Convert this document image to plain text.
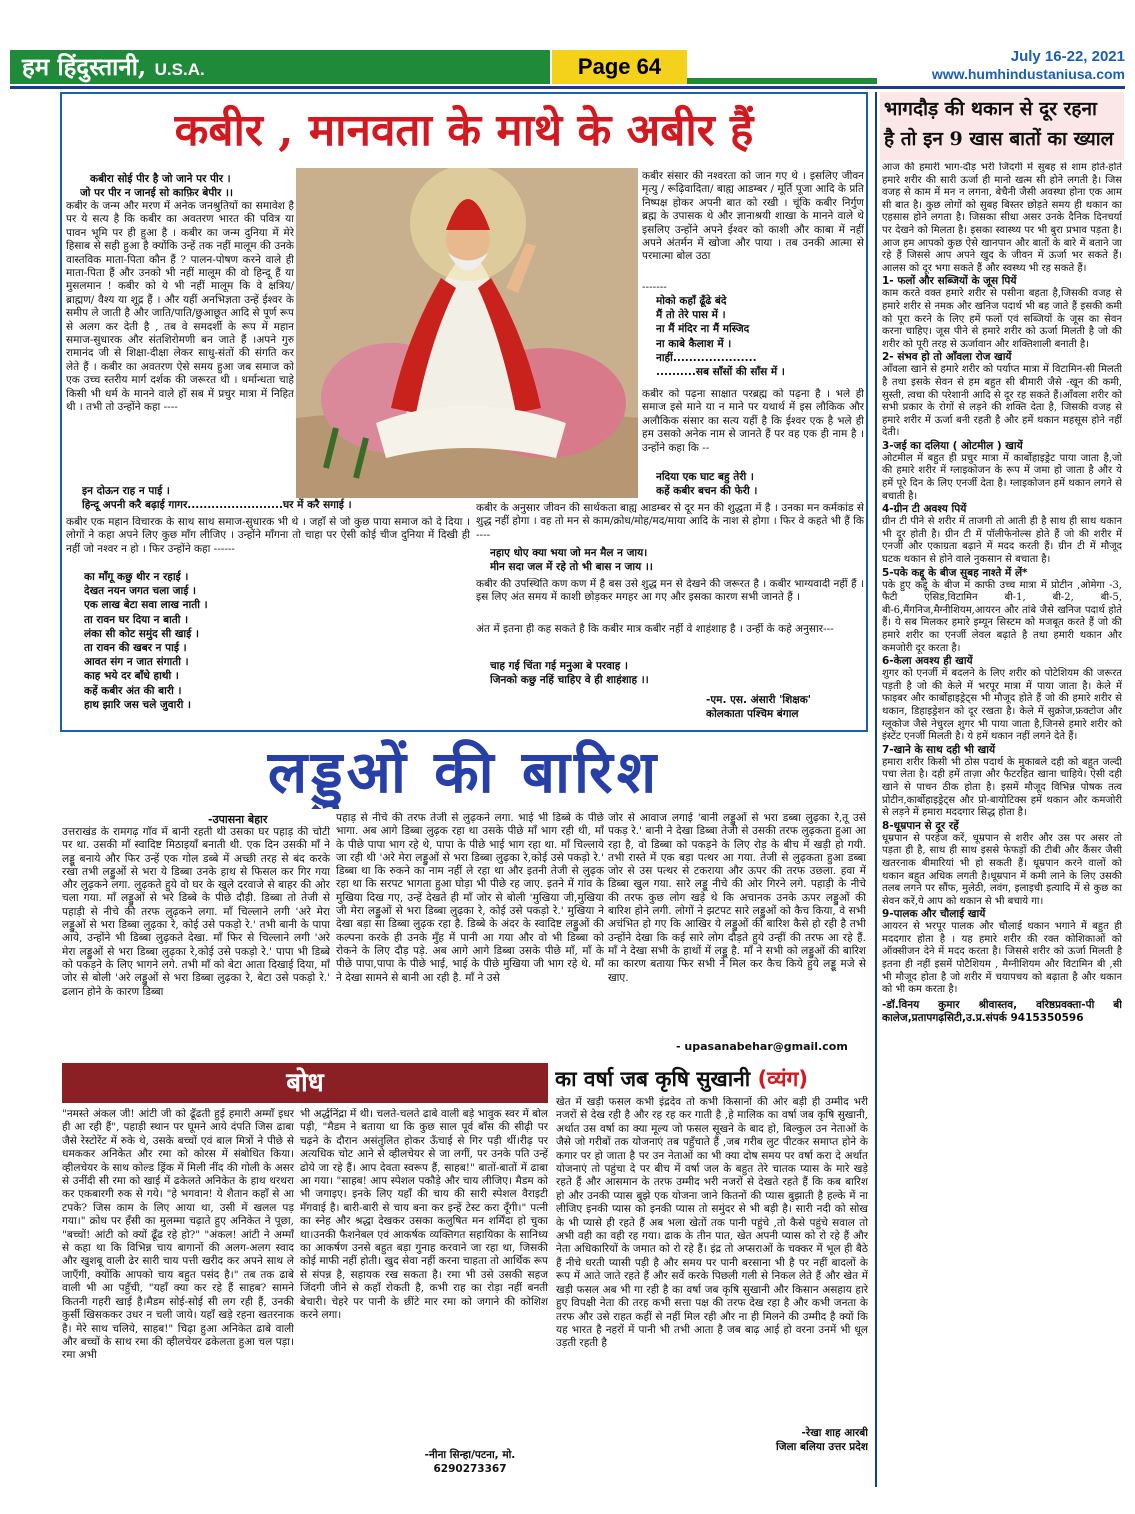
हम हिंदुस्तानी, U.S.A.	Page 64	July 16-22, 2021
www.humhindustaniusa.com
कबीर , मानवता के माथे के अबीर हैं
कबीरा सोई पीर है जो जाने पर पीर ।
जो पर पीर न जानई सो काफ़िर बेपीर ।।
कबीर के जन्म और मरण में अनेक जनश्रुतियों का समावेश है पर ये सत्य है कि कबीर का अवतरण भारत की पवित्र या पावन भूमि पर ही हुआ है । कबीर का जन्म दुनिया में मेरे हिसाब से सही हुआ है क्योंकि उन्हें तक नहीं मालूम की उनके वास्तविक माता-पिता कौन हैं ? पालन-पोषण करने वाले ही माता-पिता हैं और उनको भी नहीं मालूम की वो हिन्दू हैं या मुसलमान ! कबीर को ये भी नहीं मालूम कि वे क्षत्रिय/ ब्राह्मण/ वैश्य या शूद्र हैं । और यहीं अनभिज्ञता उन्हें ईश्वर के समीप ले जाती है और जाति/पाति/छुआछूत आदि से पूर्ण रूप से अलग कर देती है , तब वे समदर्शी के रूप में महान समाज-सुधारक और संतशिरोमणी बन जाते हैं ।अपने गुरु रामानंद जी से शिक्षा-दीक्षा लेकर साधु-संतों की संगति कर लेते हैं । कबीर का अवतरण ऐसे समय हुआ जब समाज को एक उच्च स्तरीय मार्ग दर्शक की जरूरत थी । धर्मान्धता चाहे किसी भी धर्म के मानने वाले हों सब में प्रचुर मात्रा में निहित थी । तभी तो उन्होंने कहा ----
इन दोऊन राह न पाई ।
हिन्दू अपनी करै बढ़ाई गागर........................घर में करै सगाई ।
कबीर एक महान विचारक के साथ साथ समाज-सुधारक भी थे । जहाँ से जो कुछ पाया समाज को दे दिया । लोगों ने कहा अपने लिए कुछ माँग लीजिए । उन्होंने माँगना तो चाहा पर ऐसी कोई चीज दुनिया में दिखी ही नहीं जो नश्वर न हो । फिर उन्होंने कहा ------
का माँगू कछु थीर न रहाई ।
देखत नयन जगत चला जाई ।
एक लाख बेटा सवा लाख नाती ।
ता रावन घर दिया न बाती ।
लंका सी कोट समुंद सी खाई ।
ता रावन की खबर न पाई ।
आवत संग न जात संगाती ।
काह भये दर बाँधे हाथी ।
कहें कबीर अंत की बारी ।
हाथ झारि जस चले जुवारी ।
कबीर संसार की नश्वरता को जान गए थे । इसलिए जीवन मृत्यु / रूढ़िवादिता/ बाह्य आडम्बर / मूर्ति पूजा आदि के प्रति निष्पक्ष होकर अपनी बात को रखी । चूंकि कबीर निर्गुण ब्रह्म के उपासक थे और ज्ञानाश्रयी शाखा के मानने वाले थे इसलिए उन्होंने अपने ईश्वर को काशी और काबा में नहीं अपने अंतर्मन में खोजा और पाया । तब उनकी आत्मा से परमात्मा बोल उठा
-------
मोको कहाँ ढूँढे बंदे
मैं तो तेरे पास में ।
ना मैं मंदिर ना मैं मस्जिद
ना काबे कैलाश में ।
नाहीं.....................
..........सब साँसों की साँस में ।
कबीर को पढ़ना साक्षात परब्रह्म को पढ़ना है । भले ही समाज इसे माने या न माने पर यथार्थ में इस लौकिक और अलौकिक संसार का सत्य यहीं है कि ईश्वर एक है भले ही हम उसको अनेक नाम से जानते हैं पर वह एक ही नाम है । उन्होंने कहा कि --
नदिया एक घाट बहु तेरी ।
कहें कबीर बचन की फेरी ।
कबीर के अनुसार जीवन की सार्थकता बाह्य आडम्बर से दूर मन की शुद्धता में है । उनका मन कर्मकांड से शुद्ध नहीं होगा । वह तो मन से काम/क्रोध/मोह/मद/माया आदि के नाश से होगा । फिर वे कहते भी हैं कि ----
नहाए धोए क्या भया जो मन मैल न जाय।
मीन सदा जल में रहे तो भी बास न जाय ।।
कबीर की उपस्थिति कण कण में है बस उसे शुद्ध मन से देखने की जरूरत है । कबीर भाग्यवादी नहीं हैं । इस लिए अंत समय में काशी छोड़कर मगहर आ गए और इसका कारण सभी जानते हैं ।
अंत में इतना ही कह सकते है कि कबीर मात्र कबीर नहीं वे शाहंशाह है । उन्हीं के कहे अनुसार---
चाह गई चिंता गई मनुआ बे परवाह ।
जिनको कछु नहिं चाहिए वे ही शाहंशाह ।।
-एम. एस. अंसारी 'शिक्षक'
कोलकाता पश्चिम बंगाल
लड्डुओं की बारिश
-उपासना बेहार
उत्तराखंड के रामगढ़ गाँव में बानी रहती थी उसका घर पहाड़ की चोटी पर था. उसकी माँ स्वादिष्ट मिठाइयाँ बनाती थी. एक दिन उसकी माँ ने लड्डू बनाये और फिर उन्हें एक गोल डब्बे में अच्छी तरह से बंद करके रखा तभी लड्डुओं से भरा ये डिब्बा उनके हाथ से फिसल कर गिर गया और लुढ़कने लगा. लुढ़कते हुये वो घर के खुले दरवाजे से बाहर की ओर चला गया. माँ लड्डुओं से भरे डिब्बे के पीछे दौड़ी. डिब्बा तो तेजी से पहाड़ी से नीचे की तरफ लुढ़कने लगा. माँ चिल्लाने लगी 'अरे मेरा लड्डुओं से भरा डिब्बा लुढ़का रे, कोई उसे पकड़ो रे.' तभी बानी के पापा आये, उन्होंने भी डिब्बा लुढ़कते देखा. माँ फिर से चिल्लाने लगी 'अरे मेरा लड्डुओं से भरा डिब्बा लुढ़का रे,कोई उसे पकड़ो रे.' पापा भी डिब्बे को पकड़ने के लिए भागने लगे. तभी माँ को बेटा आता दिखाई दिया, माँ जोर से बोली 'अरे लड्डुओं से भरा डिब्बा लुढ़का रे, बेटा उसे पकड़ो रे.' ढलान होने के कारण डिब्बा
पहाड़ से नीचे की तरफ तेजी से लुढ़कने लगा. भाई भी डिब्बे के पीछे भागा. अब आगे डिब्बा लुढ़क रहा था उसके पीछे माँ भाग रही थी, माँ के पीछे पापा भाग रहे थे, पापा के पीछे भाई भाग रहा था. माँ चिल्लाये जा रही थी 'अरे मेरा लड्डुओं से भरा डिब्बा लुढ़का रे,कोई उसे पकड़ो रे.' डिब्बा था कि रुकने का नाम नहीं ले रहा था और इतनी तेजी से लुढ़क रहा था कि सरपट भागता हुआ घोड़ा भी पीछे रह जाए. इतने में गांव के मुखिया दिख गए, उन्हें देखते ही माँ जोर से बोली 'मुखिया जी,मुखिया जी मेरा लड्डुओं से भरा डिब्बा लुढ़का रे, कोई उसे पकड़ो रे.' मुखिया ने देखा बड़ा सा डिब्बा लुढ़क रहा है. डिब्बे के अंदर के स्वादिष्ट लड्डुओं की कल्पना करके ही उनके मुँह में पानी आ गया और वो भी डिब्बा को रोकने के लिए दौड़ पड़े. अब आगे आगे डिब्बा उसके पीछे माँ, माँ के पीछे पापा,पापा के पीछे भाई, भाई के पीछे मुखिया जी भाग रहे थे. माँ ने देखा सामने से बानी आ रही है. माँ ने उसे
जोर से आवाज लगाई 'बानी लड्डुओं से भरा डब्बा लुढ़का रे,तू उसे पकड़ रे.' बानी ने देखा डिब्बा तेजी से उसकी तरफ लुढ़कता हुआ आ रहा है, वो डिब्बा को पकड़ने के लिए रोड़ के बीच में खड़ी हो गयी. तभी रास्ते में एक बड़ा पत्थर आ गया. तेजी से लुढ़कता हुआ डब्बा जोर से उस पत्थर से टकराया और ऊपर की तरफ उछला. हवा में डिब्बा खुल गया. सारे लड्डू नीचे की ओर गिरने लगे. पहाड़ी के नीचे की तरफ कुछ लोग खड़े थे कि अचानक उनके ऊपर लड्डुओं की बारिश होने लगी. लोगों ने झटपट सारे लड्डुओं को कैच किया, वे सभी अचंभित हो गए कि आखिर ये लड्डुओं की बारिश कैसे हो रही है तभी उन्होंने देखा कि कई सारे लोग दौड़ते हुये उन्हीं की तरफ आ रहे हैं. माँ ने देखा सभी के हाथों में लड्डू है. माँ ने सभी को लड्डुओं की बारिश का कारण बताया फिर सभी ने मिल कर कैच किये हुये लड्डू मजे से खाए.
- upasanabehar@gmail.com
बोध
"नमस्ते अंकल जी! आंटी जी को ढूँढती हुई हमारी अम्माँ इधर ही आ रही हैं", पहाड़ी स्थान पर घूमने आये दंपति जिस ढाबा जैसे रेस्टोरेंट में रुके थे, उसके बच्चों एवं बाल मित्रों ने पीछे से धमककर अनिकेत और रमा को कोरस में संबोधित किया।व्हीलचेयर के साथ कोल्ड ड्रिंक में मिली नींद की गोली के असर से उनींदी सी रमा को खाई में ढकेलते अनिकेत के हाथ थरथरा कर एकबारगी रुक से गये। "हे भगवान! ये शैतान कहाँ से आ टपके? जिस काम के लिए आया था, उसी में खलल पड़ गया।" क्रोध पर हँसी का मुलम्मा चढ़ाते हुए अनिकेत ने पूछा, "बच्चों! आंटी को क्यों ढूँढ रहे हो?" "अंकल! आंटी ने अम्माँ से कहा था कि विभिन्न चाय बागानों की अलग-अलग स्वाद और खुशबू वाली ढेर सारी चाय पत्ती खरीद कर अपने साथ ले जाएँगी, क्योंकि आपको चाय बहुत पसंद है।" तब तक ढाबे वाली भी आ पहुँची, "यहाँ क्या कर रहे हैं साहब? सामने कितनी गहरी खाई है।मैडम सोई-सोई सी लग रही हैं, उनकी कुर्सी खिसककर उधर न चली जाये। यहाँ खड़े रहना खतरनाक है। मेरे साथ चलिये, साहब!" चिढ़ा हुआ अनिकेत ढाबे वाली और बच्चों के साथ रमा की व्हीलचेयर ढकेलता हुआ चल पड़ा। रमा अभी
भी अर्द्धनिंद्रा में थी। चलते-चलते ढाबे वाली बड़े भावुक स्वर में बोल पड़ी, "मैडम ने बताया था कि कुछ साल पूर्व बाँस की सीढ़ी पर चढ़ने के दौरान असंतुलित होकर ऊँचाई से गिर पड़ी थीं।रीढ़ पर अत्यधिक चोट आने से व्हीलचेयर से जा लगीं, पर उनके पति उन्हें ढोये जा रहे हैं। आप देवता स्वरूप हैं, साहब!" बातों-बातों में ढाबा आ गया। "साहब! आप स्पेशल पकौड़े और चाय लीजिए। मैडम को भी जगाइए। इनके लिए यहाँ की चाय की सारी स्पेशल वैराइटी मँगवाई है। बारी-बारी से चाय बना कर इन्हें टेस्ट करा दूँगी।" पत्नी का स्नेह और श्रद्धा देखकर उसका कलुषित मन शर्मिंदा हो चुका था।उनकी फैशनेबल एवं आकर्षक व्यक्तिगत सहायिका के सानिध्य का आकर्षण उनसे बहुत बड़ा गुनाह करवाने जा रहा था, जिसकी कोई माफी नहीं होती। खुद सेवा नहीं करना चाहता तो आर्थिक रूप से संपन्न है, सहायक रख सकता है। रमा भी उसे उसकी सहज जिंदगी जीने से कहाँ रोकती है, कभी राह का रोड़ा नहीं बनती बेचारी। चेहरे पर पानी के छींटे मार रमा को जगाने की कोशिश करने लगा।
-नीना सिन्हा/पटना, मो.
6290273367
का वर्षा जब कृषि सुखानी (व्यंग)
खेत में खड़ी फसल कभी इंद्रदेव तो कभी किसानों की ओर बड़ी ही उम्मीद भरी नजरों से देख रही है और रह रह कर गाती है ,हे मालिक का वर्षा जब कृषि सुखानी, अर्थात उस वर्षा का क्या मूल्य जो फसल सूखने के बाद हो, बिल्कुल उन नेताओं के जैसे जो गरीबों तक योजनाएं तब पहुँचाते हैं ,जब गरीब लुट पीटकर समाप्त होने के कगार पर हो जाता है पर उन नेताओं का भी क्या दोष समय पर वर्षा करा दे अर्थात योजनाएं तो पहुंचा दे पर बीच में वर्षा जल के बहुत तेरे चातक प्यास के मारे खड़े रहते हैं और आसमान के तरफ उम्मीद भरी नजरों से देखते रहते हैं कि कब बारिश हो और उनकी प्यास बुझे एक योजना जाने कितनों की प्यास बुझाती है हल्के में ना लीजिए इनकी प्यास को इनकी प्यास तो समुंदर से भी बड़ी है। सारी नदी को सोख के भी प्यासे ही रहते हैं अब भला खेतों तक पानी पहुंचे ,तो कैसे पहुंचे सवाल तो अभी वही का वही रह गया। ढाक के तीन पात, खेत अपनी प्यास को रो रहे हैं और नेता अधिकारियों के जमात को रो रहे हैं। इंद्र तो अप्सराओं के चक्कर में भूल ही बैठे हैं नीचे धरती प्यासी पड़ी है और समय पर पानी बरसाना भी है पर नहीं बादलों के रूप में आते जाते रहते हैं और सर्वे करके पिछली गली से निकल लेते हैं और खेत में खड़ी फसल अब भी गा रही है का वर्षा जब कृषि सुखानी और किसान असहाय हारे हुए विपक्षी नेता की तरह कभी सत्ता पक्ष की तरफ देख रहा है और कभी जनता के तरफ और उसे राहत कहीं से नहीं मिल रही और ना ही मिलने की उम्मीद है क्यों कि यह भारत है नहरों में पानी भी तभी आता है जब बाढ़ आई हो वरना उनमें भी धूल उड़ती रहती है
-रेखा शाह आरबी
जिला बलिया उत्तर प्रदेश
भागदौड़ की थकान से दूर रहना
है तो इन 9 खास बातों का ख्याल

आज की हमारी भाग-दौड़ भरी जिंदगी में सुबह से शाम होते-होते हमारे शरीर की सारी ऊर्जा ही मानो खत्म सी होने लगती है। जिस वजह से काम में मन न लगना, बेचैनी जैसी अवस्था होना एक आम सी बात है। कुछ लोगों को सुबह बिस्तर छोड़ते समय ही थकान का एहसास होने लगता है। जिसका सीधा असर उनके दैनिक दिनचर्या पर देखने को मिलता है। इसका स्वास्थ्य पर भी बुरा प्रभाव पड़ता है। आज हम आपको कुछ ऐसे खानपान और बातों के बारे में बताने जा रहे हैं जिससे आप अपने खुद के जीवन में ऊर्जा भर सकते हैं। आलस को दूर भगा सकते हैं और स्वस्थ्य भी रह सकते हैं।

1- फलों और सब्जियों के जूस पियें

काम करते वक्त हमारे शरीर से पसीना बहता है,जिसकी वजह से हमारे शरीर से नमक और खनिज पदार्थ भी बह जाते हैं इसकी कमी को पूरा करने के लिए हमें फलों एवं सब्जियों के जूस का सेवन करना चाहिए। जूस पीने से हमारे शरीर को ऊर्जा मिलती है जो की शरीर को पूरी तरह से ऊर्जावान और शक्तिशाली बनाती है।

2- संभव हो तो आँवला रोज खायें

आँवला खाने से हमारे शरीर को पर्याप्त मात्रा में विटामिन-सी मिलती है तथा इसके सेवन से हम बहुत सी बीमारी जैसे -खून की कमी, सुस्ती, त्वचा की परेशानी आदि से दूर रह सकते हैं।आँवला शरीर को सभी प्रकार के रोगों से लड़ने की शक्ति देता है, जिसकी वजह से हमारे शरीर में ऊर्जा बनी रहती है और हमें थकान महसूस होने नहीं देती।

3-जई का दलिया ( ओटमील ) खायें

ओटमील में बहुत ही प्रचुर मात्रा में कार्बोहाइड्रेट पाया जाता है,जो की हमारे शरीर में ग्लाइकोजन के रूप में जमा हो जाता है और ये हमें पूरे दिन के लिए एनर्जी देता है। ग्लाइकोजन हमें थकान लगने से बचाती है।

4-ग्रीन टी अवश्य पियें

ग्रीन टी पीने से शरीर में ताजगी तो आती ही है साथ ही साथ थकान भी दूर होती है। ग्रीन टी में पॉलीफेनोल्स होते हैं जो की शरीर में एनर्जी और एकाग्रता बढ़ाने में मदद करती हैं। ग्रीन टी में मौजूद घटक थकान से होने वाले नुकसान से बचाता है।

5-पके कद्दू के बीज सुबह नाश्ते में लें*

पके हुए कद्दू के बीज में काफी उच्च मात्रा में प्रोटीन ,ओमेगा -3, फैटी एसिड,विटामिन बी-1, बी-2, बी-5, बी-6,मैंगनिज,मैग्नीशियम,आयरन और तांबे जैसे खनिज पदार्थ होते हैं। ये सब मिलकर हमारे इम्यून सिस्टम को मजबूत करते हैं जो की हमारे शरीर का एनर्जी लेवल बढ़ाते है तथा हमारी थकान और कमजोरी दूर करता है।

6-केला अवश्य ही खायें

शुगर को एनर्जी में बदलने के लिए शरीर को पोटेशियम की जरूरत पड़ती है जो की केले में भरपूर मात्रा में पाया जाता है। केले में फाइबर और कार्बोहाइड्रेट्स भी मौजूद होते हैं जो की हमारे शरीर से थकान, डिहाइड्रेशन को दूर रखता है। केले में सुक्रोज,फ्रक्टोज और ग्लूकोज जैसे नेचुरल शुगर भी पाया जाता है,जिनसे हमारे शरीर को इंस्टेंट एनर्जी मिलती है। ये हमें थकान नहीं लगने देते हैं।

7-खाने के साथ दही भी खायें

हमारा शरीर किसी भी ठोस पदार्थ के मुकाबले दही को बहुत जल्दी पचा लेता है। दही हमें ताज़ा और फैटरहित खाना चाहिये। ऐसी दही खाने से पाचन ठीक होता है। इसमें मौजूद विभिन्न पोषक तत्व प्रोटीन,कार्बोहाइड्रेट्स और प्रो-बायोटिक्स हमें थकान और कमजोरी से लड़ने में हमारा मददगार सिद्ध होता है।

8-धूम्रपान से दूर रहें

धूम्रपान से परहेज करें, धूम्रपान से शरीर और उस पर असर तो पड़ता ही है, साथ ही साथ इससे फेफड़ों की टीबी और कैंसर जैसी खतरनाक बीमारियां भी हो सकती हैं। धूम्रपान करने वालों को थकान बहुत अधिक लगती है।धूम्रपान में कमी लाने के लिए उसकी तलब लगने पर सौंफ, मुलेठी, लवंग, इलाइची इत्यादि में से कुछ का सेवन करें,ये आप को थकान से भी बचाये गा।

9-पालक और चौलाई खायें

आयरन से भरपूर पालक और चौलाई थकान भगाने में बहुत ही मददगार होता है । यह हमारे शरीर की रक्त कोशिकाओं को ऑक्सीजन देने में मदद करता है। जिससे शरीर को ऊर्जा मिलती है इतना ही नहीं इसमें पोटैशियम , मैग्नीशियम और विटामिन बी ,सी भी मौजूद होता है जो शरीर में चयापचय को बढ़ाता है और थकान को भी कम करता है।

-डॉ.विनय कुमार श्रीवास्तव, वरिष्ठप्रवक्ता-पी बी कालेज,प्रतापगढ़सिटी,उ.प्र.संपर्क 9415350596
